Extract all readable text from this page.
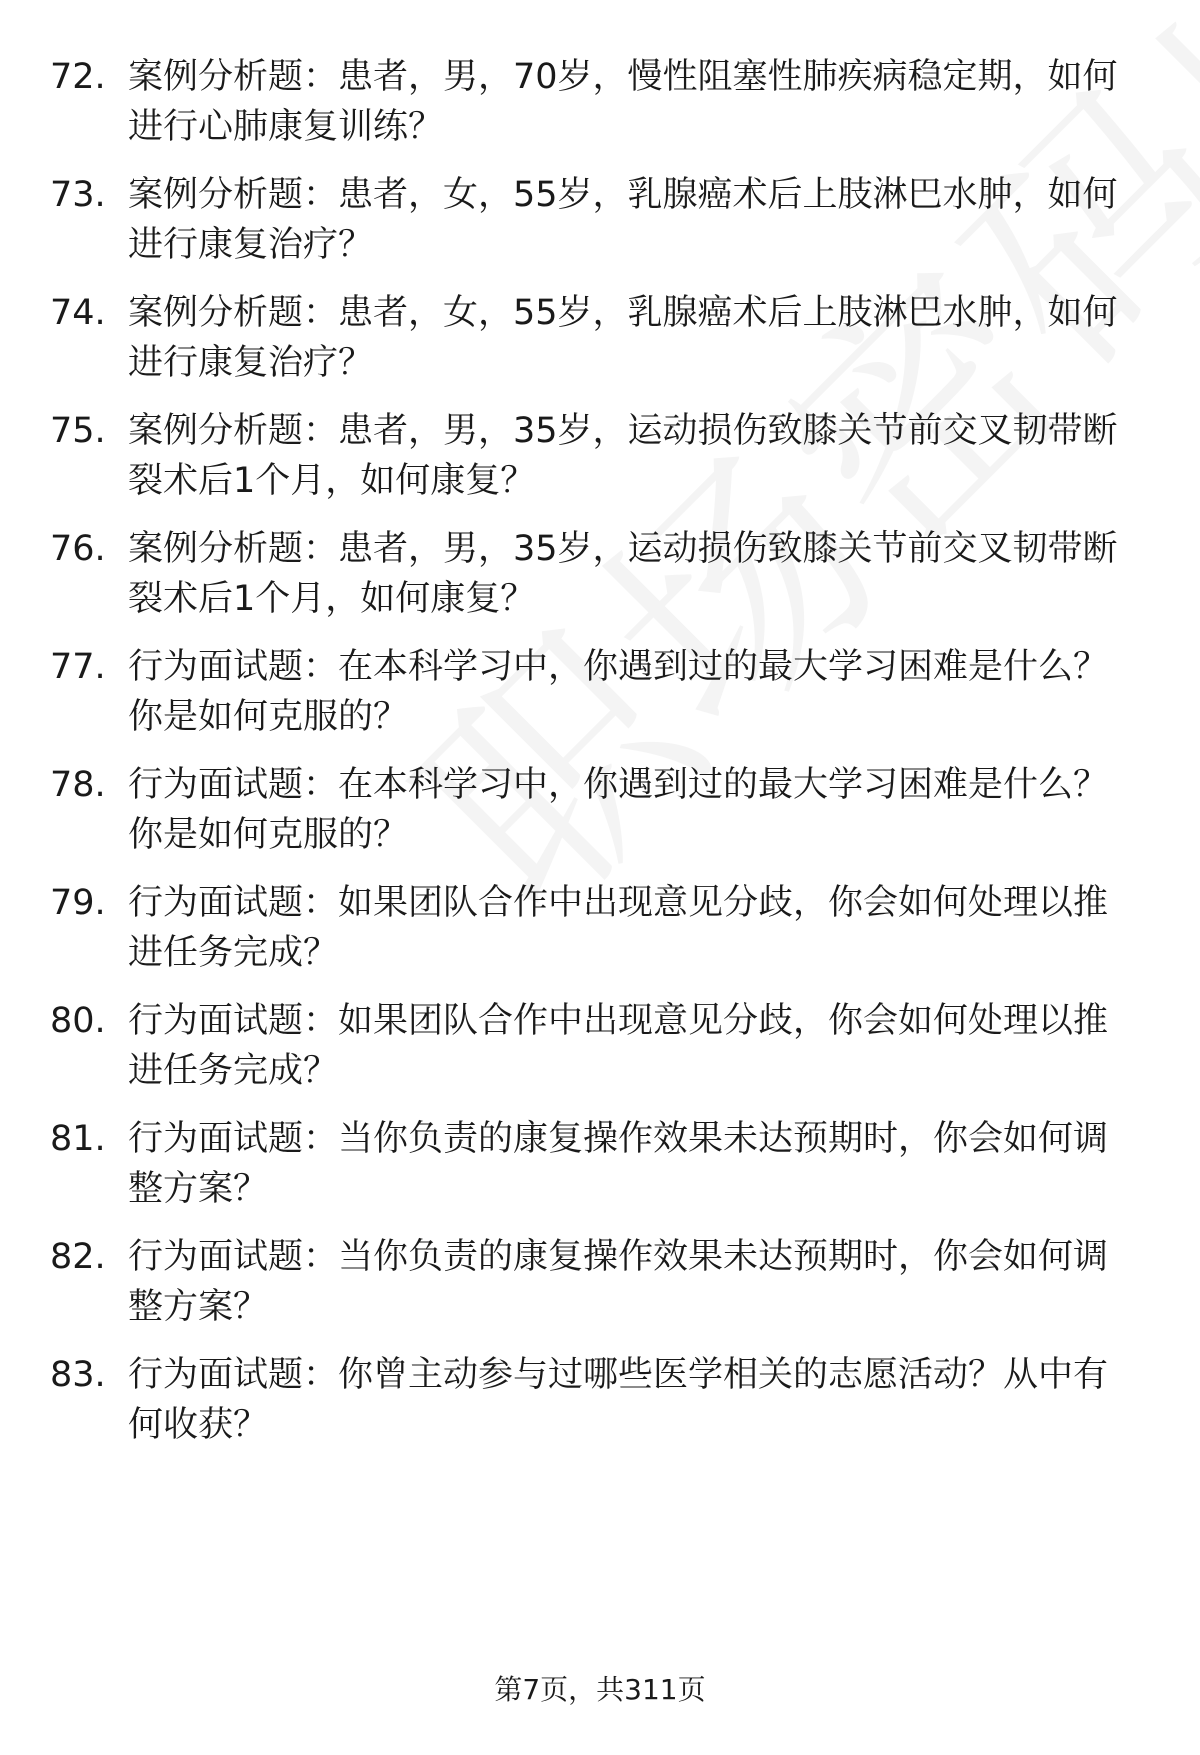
72. 案例分析题：患者，男，70岁，慢性阻塞性肺疾病稳定期，如何
进行心肺康复训练？
73. 案例分析题：患者，女，55岁，乳腺癌术后上肢淋巴水肿，如何
进行康复治疗？
74. 案例分析题：患者，女，55岁，乳腺癌术后上肢淋巴水肿，如何
进行康复治疗？
75. 案例分析题：患者，男，35岁，运动损伤致膝关节前交叉韧带断
裂术后1个月，如何康复？
76. 案例分析题：患者，男，35岁，运动损伤致膝关节前交叉韧带断
裂术后1个月，如何康复？
77. 行为面试题：在本科学习中，你遇到过的最大学习困难是什么？
你是如何克服的？
78. 行为面试题：在本科学习中，你遇到过的最大学习困难是什么？
你是如何克服的？
79. 行为面试题：如果团队合作中出现意见分歧，你会如何处理以推
进任务完成？
80. 行为面试题：如果团队合作中出现意见分歧，你会如何处理以推
进任务完成？
81. 行为面试题：当你负责的康复操作效果未达预期时，你会如何调
整方案？
82. 行为面试题：当你负责的康复操作效果未达预期时，你会如何调
整方案？
83. 行为面试题：你曾主动参与过哪些医学相关的志愿活动？从中有
何收获？
第7页，共311页
